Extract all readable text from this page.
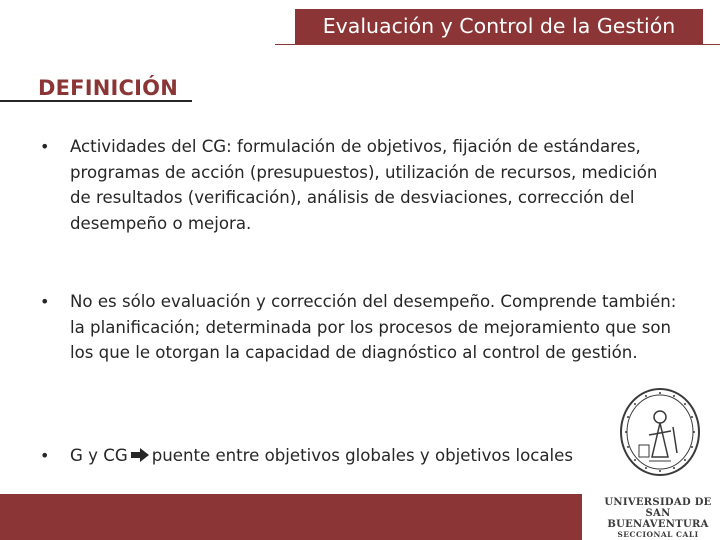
Evaluación y Control de la Gestión
DEFINICIÓN
•	Actividades del CG: formulación de objetivos, fijación de estándares, programas de acción (presupuestos), utilización de recursos, medición de resultados (verificación), análisis de desviaciones, corrección del desempeño o mejora.
•	No es sólo evaluación y corrección del desempeño. Comprende también: la planificación; determinada por los procesos de mejoramiento que son los que le otorgan la capacidad de diagnóstico al control de gestión.
•	G y CG puente entre objetivos globales y objetivos locales
UNIVERSIDAD DE
SAN BUENAVENTURA
SECCIONAL CALI
